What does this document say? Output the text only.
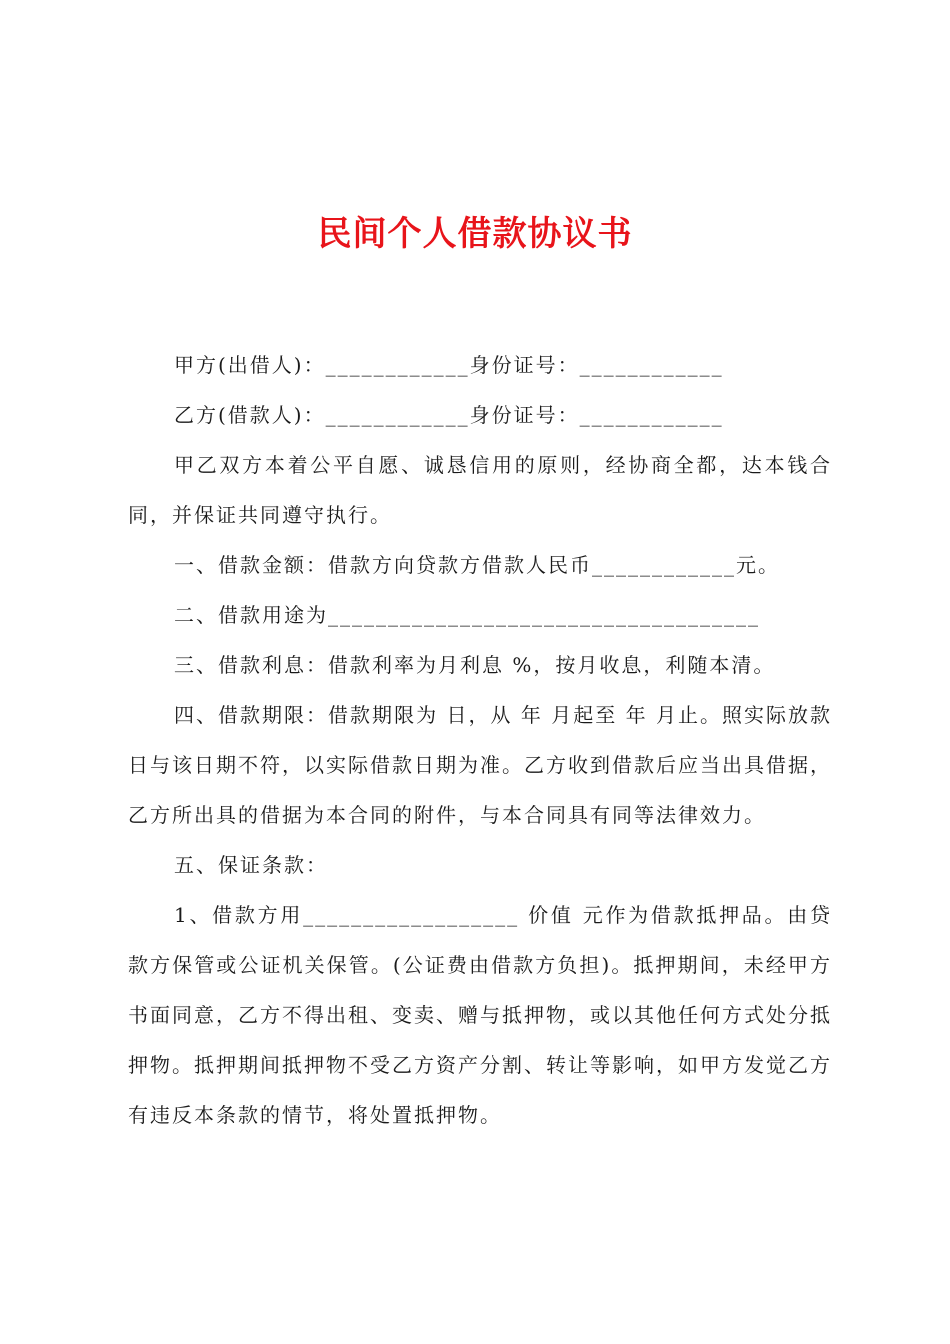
民间个人借款协议书

甲方(出借人)：____________身份证号：____________

乙方(借款人)：____________身份证号：____________

甲乙双方本着公平自愿、诚恳信用的原则，经协商全都，达本钱合同，并保证共同遵守执行。

一、借款金额：借款方向贷款方借款人民币____________元。

二、借款用途为____________________________________

三、借款利息：借款利率为月利息 %，按月收息，利随本清。

四、借款期限：借款期限为 日，从 年 月起至 年 月止。照实际放款日与该日期不符，以实际借款日期为准。乙方收到借款后应当出具借据，乙方所出具的借据为本合同的附件，与本合同具有同等法律效力。

五、保证条款：

1、借款方用__________________ 价值 元作为借款抵押品。由贷款方保管或公证机关保管。(公证费由借款方负担)。抵押期间，未经甲方书面同意，乙方不得出租、变卖、赠与抵押物，或以其他任何方式处分抵押物。抵押期间抵押物不受乙方资产分割、转让等影响，如甲方发觉乙方有违反本条款的情节，将处置抵押物。
